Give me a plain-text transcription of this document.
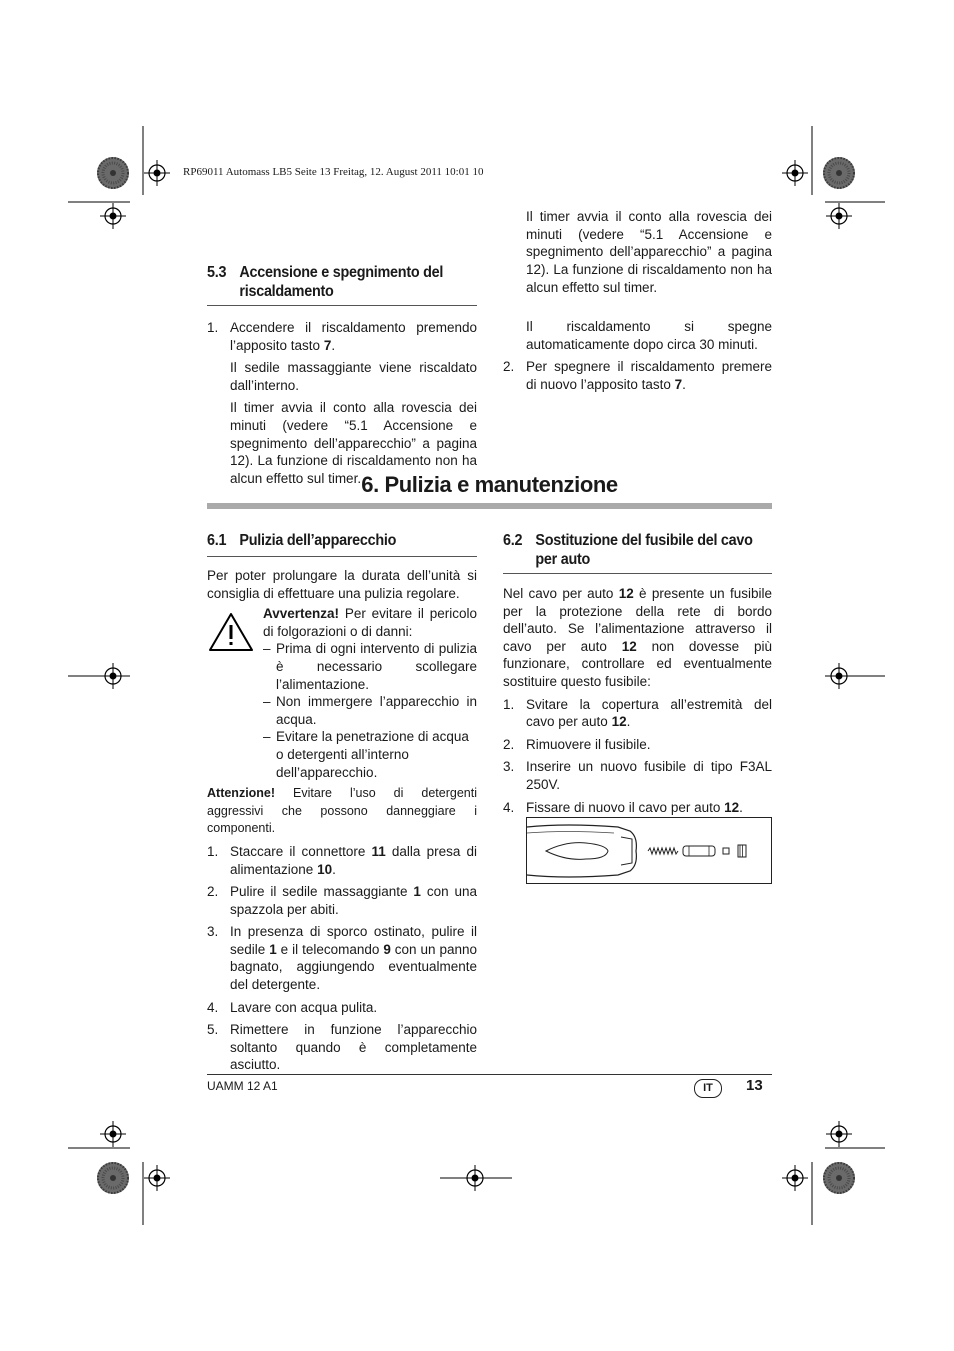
RP69011 Automass LB5 Seite 13 Freitag, 12. August 2011 10:01 10
5.3 Accensione e spegnimento del
riscaldamento
1. Accendere il riscaldamento premendo l’apposito tasto 7.
Il sedile massaggiante viene riscaldato dall’interno.
Il timer avvia il conto alla rovescia dei minuti (vedere “5.1 Accensione e spegnimento dell’apparecchio” a pagina 12). La funzione di riscaldamento non ha alcun effetto sul timer.
Il timer avvia il conto alla rovescia dei minuti (vedere “5.1 Accensione e spegnimento dell’apparecchio” a pagina 12). La funzione di riscaldamento non ha alcun effetto sul timer.
Il riscaldamento si spegne automaticamente dopo circa 30 minuti.
2. Per spegnere il riscaldamento premere di nuovo l’apposito tasto 7.
6. Pulizia e manutenzione
6.1 Pulizia dell’apparecchio

Per poter prolungare la durata dell’unità si consiglia di effettuare una pulizia regolare.

Avvertenza! Per evitare il pericolo di folgorazioni o di danni:
– Prima di ogni intervento di pulizia è necessario scollegare l’alimentazione.
– Non immergere l’apparecchio in acqua.
– Evitare la penetrazione di acqua o detergenti all’interno dell’apparecchio.

Attenzione! Evitare l’uso di detergenti aggressivi che possono danneggiare i componenti.

1. Staccare il connettore 11 dalla presa di alimentazione 10.
2. Pulire il sedile massaggiante 1 con una spazzola per abiti.
3. In presenza di sporco ostinato, pulire il sedile 1 e il telecomando 9 con un panno bagnato, aggiungendo eventualmente del detergente.
4. Lavare con acqua pulita.
5. Rimettere in funzione l’apparecchio soltanto quando è completamente asciutto.
6.2 Sostituzione del fusibile del cavo
per auto

Nel cavo per auto 12 è presente un fusibile per la protezione della rete di bordo dell’auto. Se l’alimentazione attraverso il cavo per auto 12 non dovesse più funzionare, controllare ed eventualmente sostituire questo fusibile:

1. Svitare la copertura all’estremità del cavo per auto 12.
2. Rimuovere il fusibile.
3. Inserire un nuovo fusibile di tipo F3AL 250V.
4. Fissare di nuovo il cavo per auto 12.
UAMM 12 A1	IT	13
